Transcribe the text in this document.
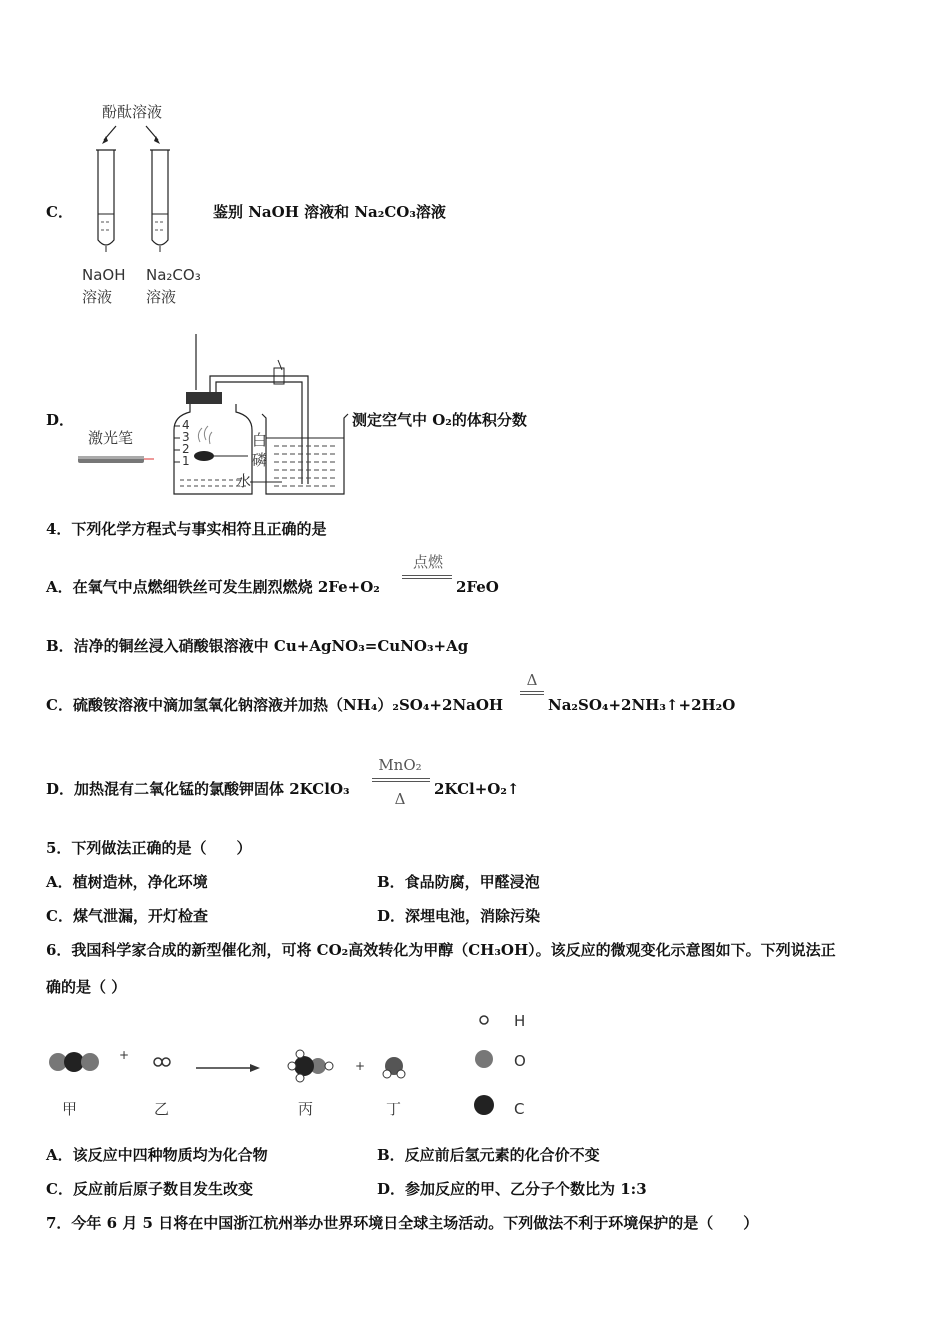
C．
酚酞溶液
NaOH
溶液
Na₂CO₃
溶液
鉴别 NaOH 溶液和 Na₂CO₃溶液
D．
激光笔
4
3
2
1
白磷
水
测定空气中 O₂的体积分数
4．下列化学方程式与事实相符且正确的是
A．在氧气中点燃细铁丝可发生剧烈燃烧 2Fe+O₂
点燃
2FeO
B．洁净的铜丝浸入硝酸银溶液中 Cu+AgNO₃=CuNO₃+Ag
C．硫酸铵溶液中滴加氢氧化钠溶液并加热（NH₄）₂SO₄+2NaOH
Δ
Na₂SO₄+2NH₃↑+2H₂O
D．加热混有二氧化锰的氯酸钾固体 2KClO₃
MnO₂
Δ
2KCl+O₂↑
5．下列做法正确的是（　　）
A．植树造林，净化环境	B．食品防腐，甲醛浸泡
C．煤气泄漏，开灯检查	D．深埋电池，消除污染
6．我国科学家合成的新型催化剂，可将 CO₂高效转化为甲醇（CH₃OH）。该反应的微观变化示意图如下。下列说法正
确的是（ ）
+
+
甲	乙	丙	丁
H
O
C
A．该反应中四种物质均为化合物	B．反应前后氢元素的化合价不变
C．反应前后原子数目发生改变	D．参加反应的甲、乙分子个数比为 1:3
7．今年 6 月 5 日将在中国浙江杭州举办世界环境日全球主场活动。下列做法不利于环境保护的是（　　）
